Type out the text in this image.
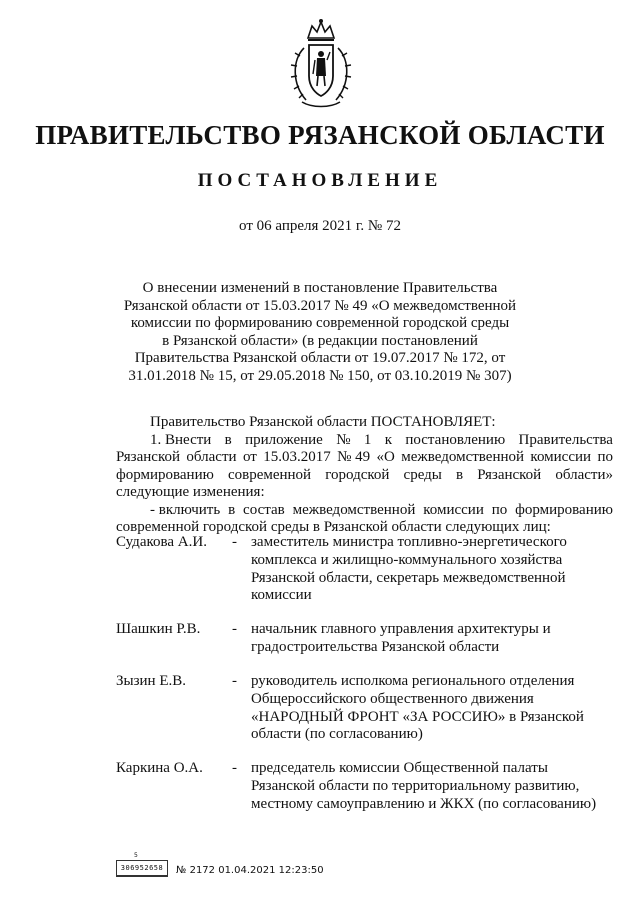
ПРАВИТЕЛЬСТВО РЯЗАНСКОЙ ОБЛАСТИ
ПОСТАНОВЛЕНИЕ
от 06 апреля 2021 г. № 72
О внесении изменений в постановление Правительства
Рязанской области от 15.03.2017 № 49 «О межведомственной
комиссии по формированию современной городской среды
в Рязанской области» (в редакции постановлений
Правительства Рязанской области от 19.07.2017 № 172, от
31.01.2018 № 15, от 29.05.2018 № 150, от 03.10.2019 № 307)
Правительство Рязанской области ПОСТАНОВЛЯЕТ:
1. Внести в приложение № 1 к постановлению Правительства
Рязанской области от 15.03.2017 № 49 «О межведомственной комиссии по
формированию современной городской среды в Рязанской области»
следующие изменения:
- включить в состав межведомственной комиссии по формированию
современной городской среды в Рязанской области следующих лиц:
Судакова А.И. - заместитель министра топливно-энергетического
комплекса и жилищно-коммунального хозяйства
Рязанской области, секретарь межведомственной
комиссии
Шашкин Р.В. - начальник главного управления архитектуры и
градостроительства Рязанской области
Зызин Е.В.	- руководитель исполкома регионального отделения
Общероссийского общественного движения
«НАРОДНЫЙ ФРОНТ «ЗА РОССИЮ» в Рязанской
области (по согласованию)
Каркина О.А. - председатель комиссии Общественной палаты
Рязанской области по территориальному развитию,
местному самоуправлению и ЖКХ (по согласованию)
5
306952658	№ 2172 01.04.2021 12:23:50
